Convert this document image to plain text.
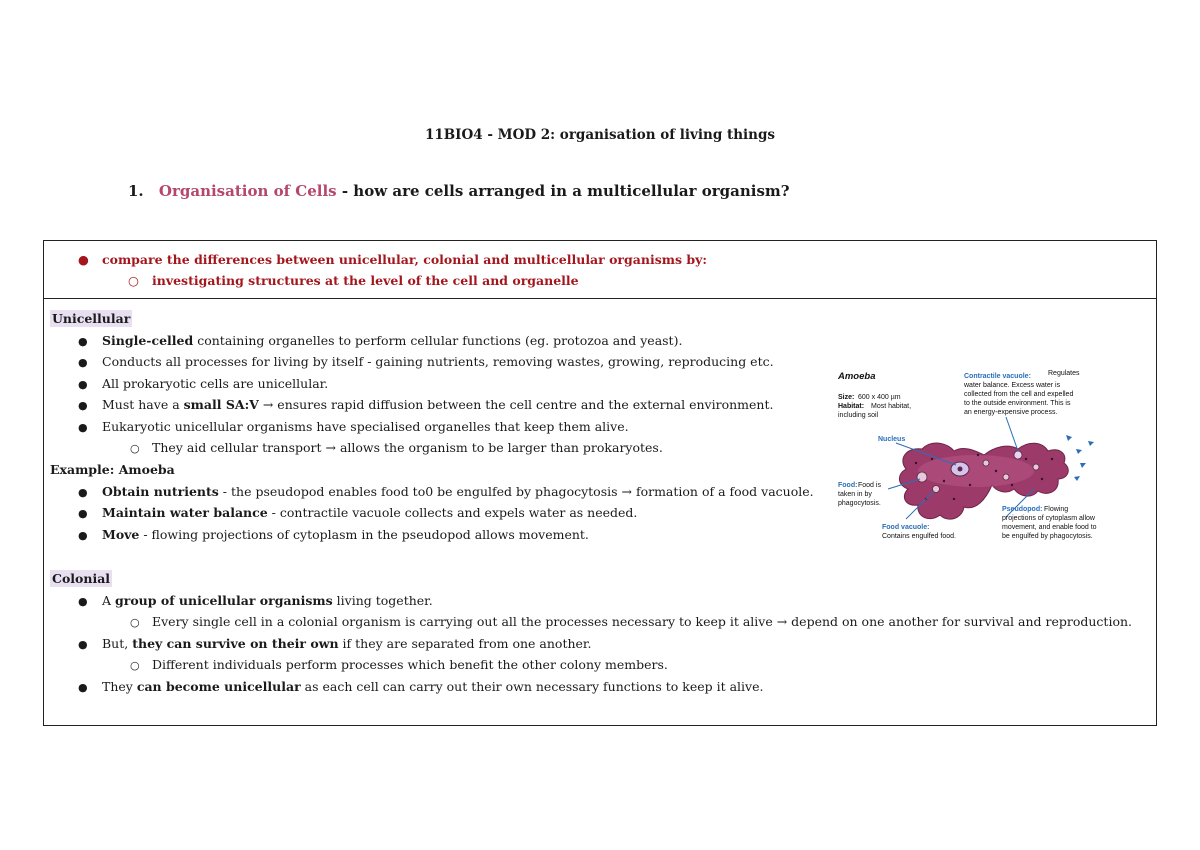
11BIO4 - MOD 2: organisation of living things
1. Organisation of Cells - how are cells arranged in a multicellular organism?
● compare the differences between unicellular, colonial and multicellular organisms by:
○ investigating structures at the level of the cell and organelle
Unicellular
● Single-celled containing organelles to perform cellular functions (eg. protozoa and yeast).
● Conducts all processes for living by itself - gaining nutrients, removing wastes, growing, reproducing etc.
● All prokaryotic cells are unicellular.
● Must have a small SA:V → ensures rapid diffusion between the cell centre and the external environment.
● Eukaryotic unicellular organisms have specialised organelles that keep them alive.
○ They aid cellular transport → allows the organism to be larger than prokaryotes.
Example: Amoeba
● Obtain nutrients - the pseudopod enables food to0 be engulfed by phagocytosis → formation of a food vacuole.
● Maintain water balance - contractile vacuole collects and expels water as needed.
● Move - flowing projections of cytoplasm in the pseudopod allows movement.
Colonial
● A group of unicellular organisms living together.
○ Every single cell in a colonial organism is carrying out all the processes necessary to keep it alive → depend on one another for survival and reproduction.
● But, they can survive on their own if they are separated from one another.
○ Different individuals perform processes which benefit the other colony members.
● They can become unicellular as each cell can carry out their own necessary functions to keep it alive.
Amoeba
Size: 600 x 400 µm
Habitat: Most habitat,
including soil
Contractile vacuole: Regulates
water balance. Excess water is
collected from the cell and expelled
to the outside environment. This is
an energy-expensive process.
Nucleus
Food: Food is
taken in by
phagocytosis.
Food vacuole:
Contains engulfed food.
Pseudopod: Flowing
projections of cytoplasm allow
movement, and enable food to
be engulfed by phagocytosis.
